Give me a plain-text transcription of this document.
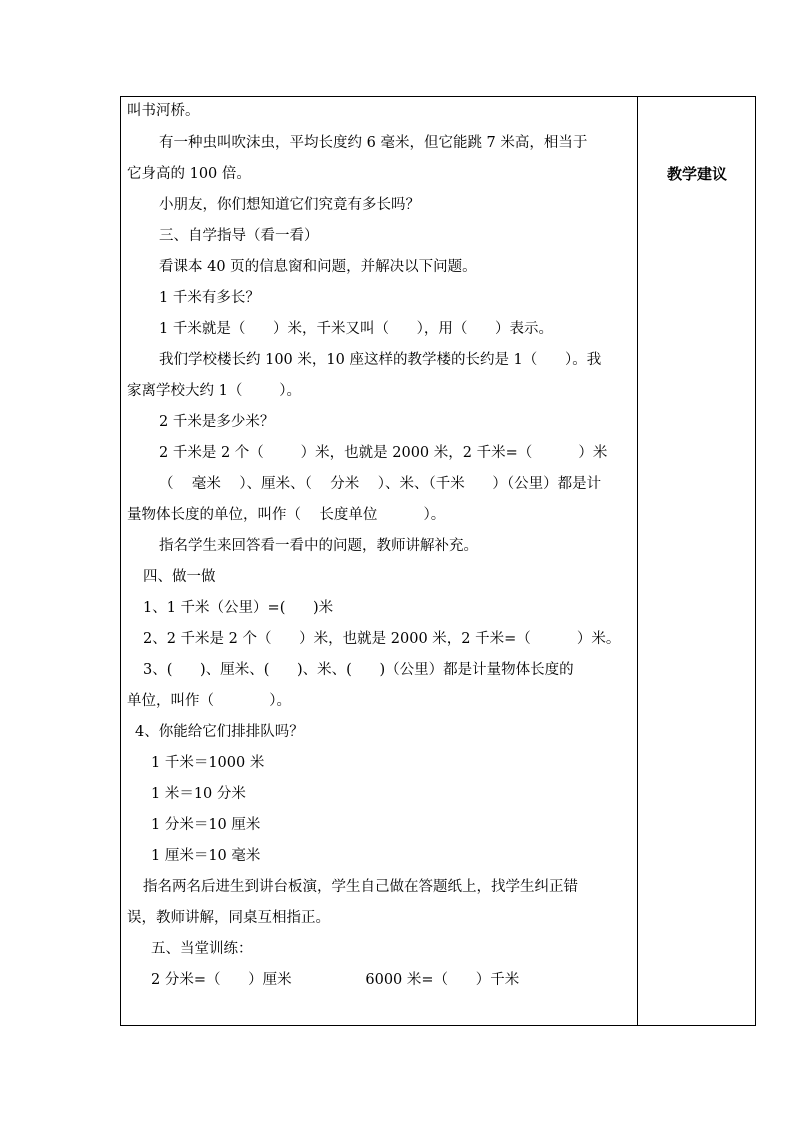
叫书河桥。
有一种虫叫吹沫虫，平均长度约 6 毫米，但它能跳 7 米高，相当于
它身高的 100 倍。
小朋友，你们想知道它们究竟有多长吗？
三、自学指导（看一看）
看课本 40 页的信息窗和问题，并解决以下问题。
1 千米有多长？
1 千米就是（      ）米，千米又叫（      ），用（      ）表示。
我们学校楼长约 100 米，10 座这样的教学楼的长约是 1（      ）。我
家离学校大约 1（        ）。
2 千米是多少米？
2 千米是 2 个（        ）米，也就是 2000 米，2 千米=（          ）米
（    毫米    ）、厘米、（    分米    ）、米、（千米      ）（公里）都是计
量物体长度的单位，叫作（    长度单位          ）。
指名学生来回答看一看中的问题，教师讲解补充。
四、做一做
1、1 千米（公里）=(      )米
2、2 千米是 2 个（      ）米，也就是 2000 米，2 千米=（          ）米。
3、(      )、厘米、(      )、米、(      )（公里）都是计量物体长度的
单位，叫作（            ）。
4、你能给它们排排队吗？
1 千米＝1000 米
1 米＝10 分米
1 分米＝10 厘米
1 厘米＝10 毫米
指名两名后进生到讲台板演，学生自己做在答题纸上，找学生纠正错
误，教师讲解，同桌互相指正。
五、当堂训练：
2 分米=（      ）厘米                6000 米=（      ）千米
教学建议
